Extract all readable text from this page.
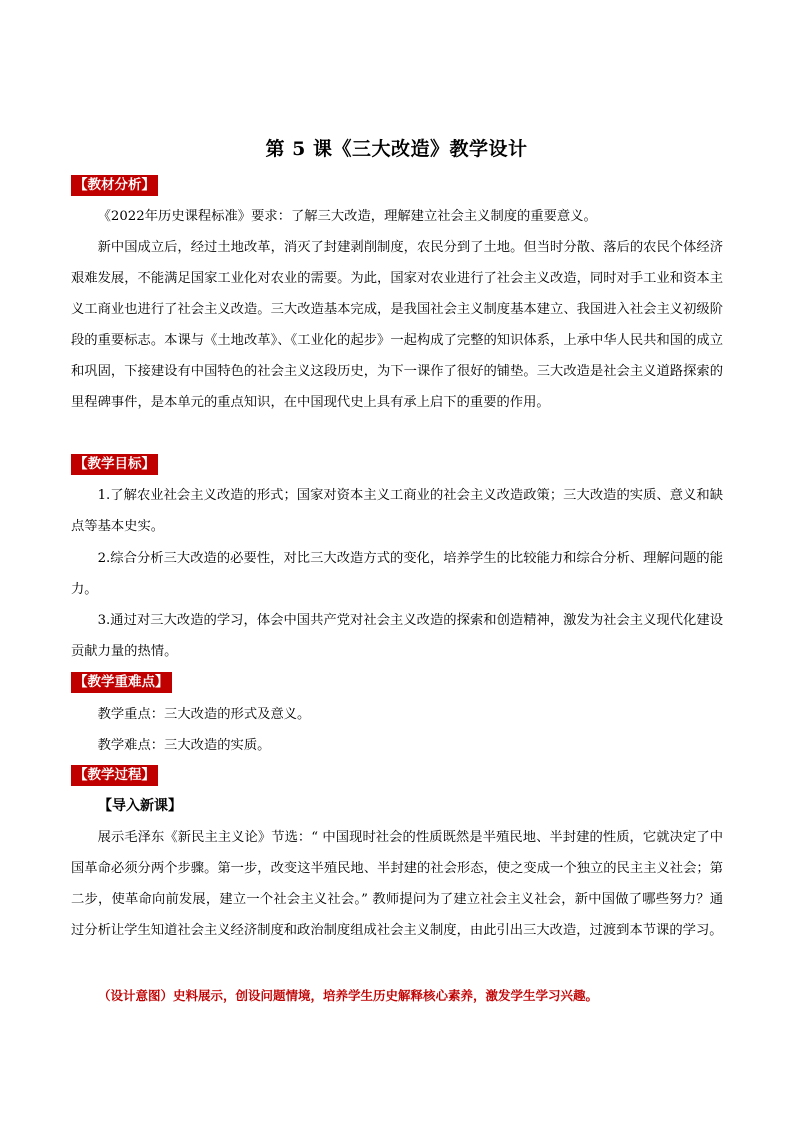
第 5 课《三大改造》教学设计
【教材分析】

《2022年历史课程标准》要求：了解三大改造，理解建立社会主义制度的重要意义。

新中国成立后，经过土地改革，消灭了封建剥削制度，农民分到了土地。但当时分散、落后的农民个体经济艰难发展，不能满足国家工业化对农业的需要。为此，国家对农业进行了社会主义改造，同时对手工业和资本主义工商业也进行了社会主义改造。三大改造基本完成，是我国社会主义制度基本建立、我国进入社会主义初级阶段的重要标志。本课与《土地改革》、《工业化的起步》一起构成了完整的知识体系，上承中华人民共和国的成立和巩固，下接建设有中国特色的社会主义这段历史，为下一课作了很好的铺垫。三大改造是社会主义道路探索的里程碑事件，是本单元的重点知识，在中国现代史上具有承上启下的重要的作用。

【教学目标】

1.了解农业社会主义改造的形式；国家对资本主义工商业的社会主义改造政策；三大改造的实质、意义和缺点等基本史实。

2.综合分析三大改造的必要性，对比三大改造方式的变化，培养学生的比较能力和综合分析、理解问题的能力。

3.通过对三大改造的学习，体会中国共产党对社会主义改造的探索和创造精神，激发为社会主义现代化建设贡献力量的热情。

【教学重难点】

教学重点：三大改造的形式及意义。

教学难点：三大改造的实质。

【教学过程】

【导入新课】

展示毛泽东《新民主主义论》节选：“ 中国现时社会的性质既然是半殖民地、半封建的性质，它就决定了中国革命必须分两个步骤。第一步，改变这半殖民地、半封建的社会形态，使之变成一个独立的民主主义社会；第二步，使革命向前发展，建立一个社会主义社会。” 教师提问为了建立社会主义社会，新中国做了哪些努力？通过分析让学生知道社会主义经济制度和政治制度组成社会主义制度，由此引出三大改造，过渡到本节课的学习。

（设计意图）史料展示，创设问题情境，培养学生历史解释核心素养，激发学生学习兴趣。
